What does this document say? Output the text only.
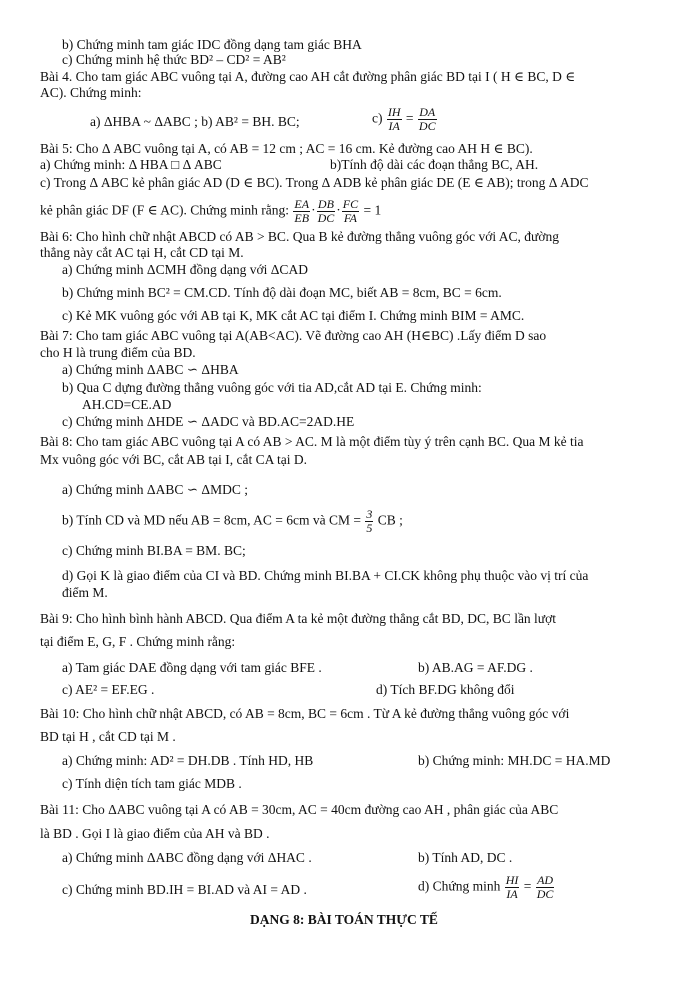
b) Chứng minh tam giác IDC đồng dạng tam giác BHA
c) Chứng minh hệ thức BD² – CD² = AB²
Bài 4. Cho tam giác ABC vuông tại A, đường cao AH cắt đường phân giác BD tại I ( H ∈ BC, D ∈
AC). Chứng minh:
a) ΔHBA ~ ΔABC ; b) AB² = BH. BC;	$c) \frac{IH}{IA} = \frac{DA}{DC}$
Bài 5: Cho Δ ABC vuông tại A, có AB = 12 cm ; AC = 16 cm. Kẻ đường cao AH H ∈ BC).
a) Chứng minh: Δ HBA □ Δ ABC	b)Tính độ dài các đoạn thẳng BC, AH.
c) Trong Δ ABC kẻ phân giác AD (D ∈ BC). Trong Δ ADB kẻ phân giác DE (E ∈ AB); trong Δ ADC
kẻ phân giác DF (F ∈ AC). Chứng minh rằng: $\frac{EA}{EB} \cdot \frac{DB}{DC} \cdot \frac{FC}{FA} = 1$
Bài 6: Cho hình chữ nhật ABCD có AB > BC. Qua B kẻ đường thẳng vuông góc với AC, đường
thẳng này cắt AC tại H, cắt CD tại M.
a) Chứng minh ΔCMH đồng dạng với ΔCAD
b) Chứng minh BC² = CM.CD. Tính độ dài đoạn MC, biết AB = 8cm, BC = 6cm.
c) Kẻ MK vuông góc với AB tại K, MK cắt AC tại điểm I. Chứng minh BIM = AMC.
Bài 7: Cho tam giác ABC vuông tại A(AB<AC). Vẽ đường cao AH (H∈BC) .Lấy điểm D sao
cho H là trung điểm của BD.
a) Chứng minh ΔABC ∽ ΔHBA
b) Qua C dựng đường thẳng vuông góc với tia AD,cắt AD tại E. Chứng minh:
AH.CD=CE.AD
c) Chứng minh ΔHDE ∽ ΔADC và BD.AC=2AD.HE
Bài 8: Cho tam giác ABC vuông tại A có AB > AC. M là một điểm tùy ý trên cạnh BC. Qua M kẻ tia
Mx vuông góc với BC, cắt AB tại I, cắt CA tại D.
a) Chứng minh ΔABC ∽ ΔMDC ;
b) Tính CD và MD nếu AB = 8cm, AC = 6cm và CM = $\frac{3}{5}$ CB ;
c) Chứng minh BI.BA = BM. BC;
d) Gọi K là giao điểm của CI và BD. Chứng minh BI.BA + CI.CK không phụ thuộc vào vị trí của
điểm M.
Bài 9: Cho hình bình hành ABCD. Qua điểm A ta kẻ một đường thẳng cắt BD, DC, BC lần lượt
tại điểm E, G, F . Chứng minh rằng:
a) Tam giác DAE đồng dạng với tam giác BFE .	b) AB.AG = AF.DG .
c) AE² = EF.EG .	d) Tích BF.DG không đổi
Bài 10: Cho hình chữ nhật ABCD, có AB = 8cm, BC = 6cm . Từ A kẻ đường thẳng vuông góc với
BD tại H , cắt CD tại M .
a) Chứng minh: AD² = DH.DB . Tính HD, HB	b) Chứng minh: MH.DC = HA.MD
c) Tính diện tích tam giác MDB .
Bài 11: Cho ΔABC vuông tại A có AB = 30cm, AC = 40cm đường cao AH , phân giác của ABC
là BD . Gọi I là giao điểm của AH và BD .
a) Chứng minh ΔABC đồng dạng với ΔHAC .	b) Tính AD, DC .
c) Chứng minh BD.IH = BI.AD và AI = AD .	d) Chứng minh $\frac{HI}{IA} = \frac{AD}{DC}$
DẠNG 8: BÀI TOÁN THỰC TẾ
